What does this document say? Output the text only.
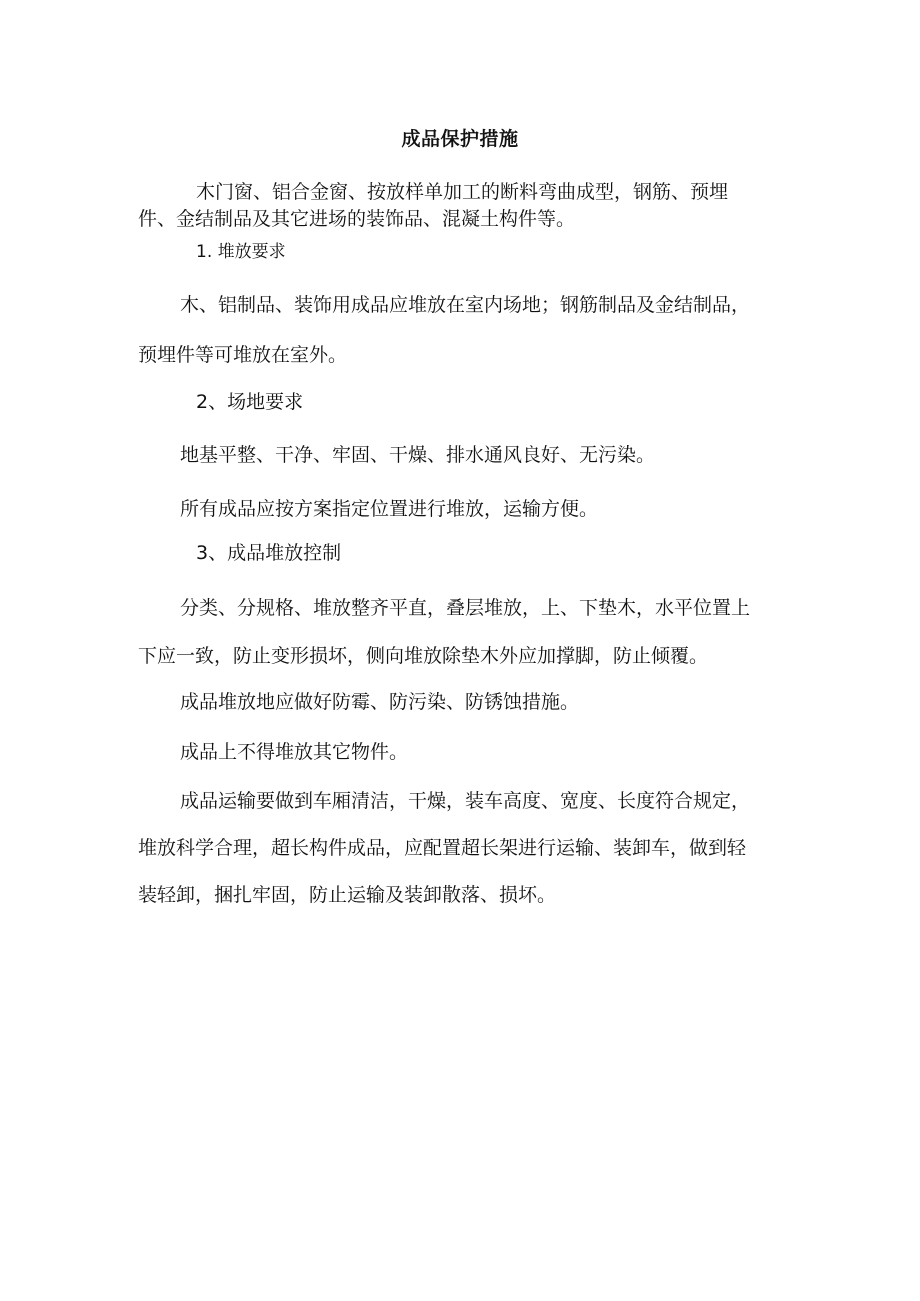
成品保护措施
木门窗、铝合金窗、按放样单加工的断料弯曲成型，钢筋、预埋
件、金结制品及其它进场的装饰品、混凝土构件等。
1. 堆放要求
木、铝制品、装饰用成品应堆放在室内场地；钢筋制品及金结制品，
预埋件等可堆放在室外。
2、场地要求
地基平整、干净、牢固、干燥、排水通风良好、无污染。
所有成品应按方案指定位置进行堆放，运输方便。
3、成品堆放控制
分类、分规格、堆放整齐平直，叠层堆放，上、下垫木，水平位置上
下应一致，防止变形损坏，侧向堆放除垫木外应加撑脚，防止倾覆。
成品堆放地应做好防霉、防污染、防锈蚀措施。
成品上不得堆放其它物件。
成品运输要做到车厢清洁，干燥，装车高度、宽度、长度符合规定，
堆放科学合理，超长构件成品，应配置超长架进行运输、装卸车，做到轻
装轻卸，捆扎牢固，防止运输及装卸散落、损坏。
